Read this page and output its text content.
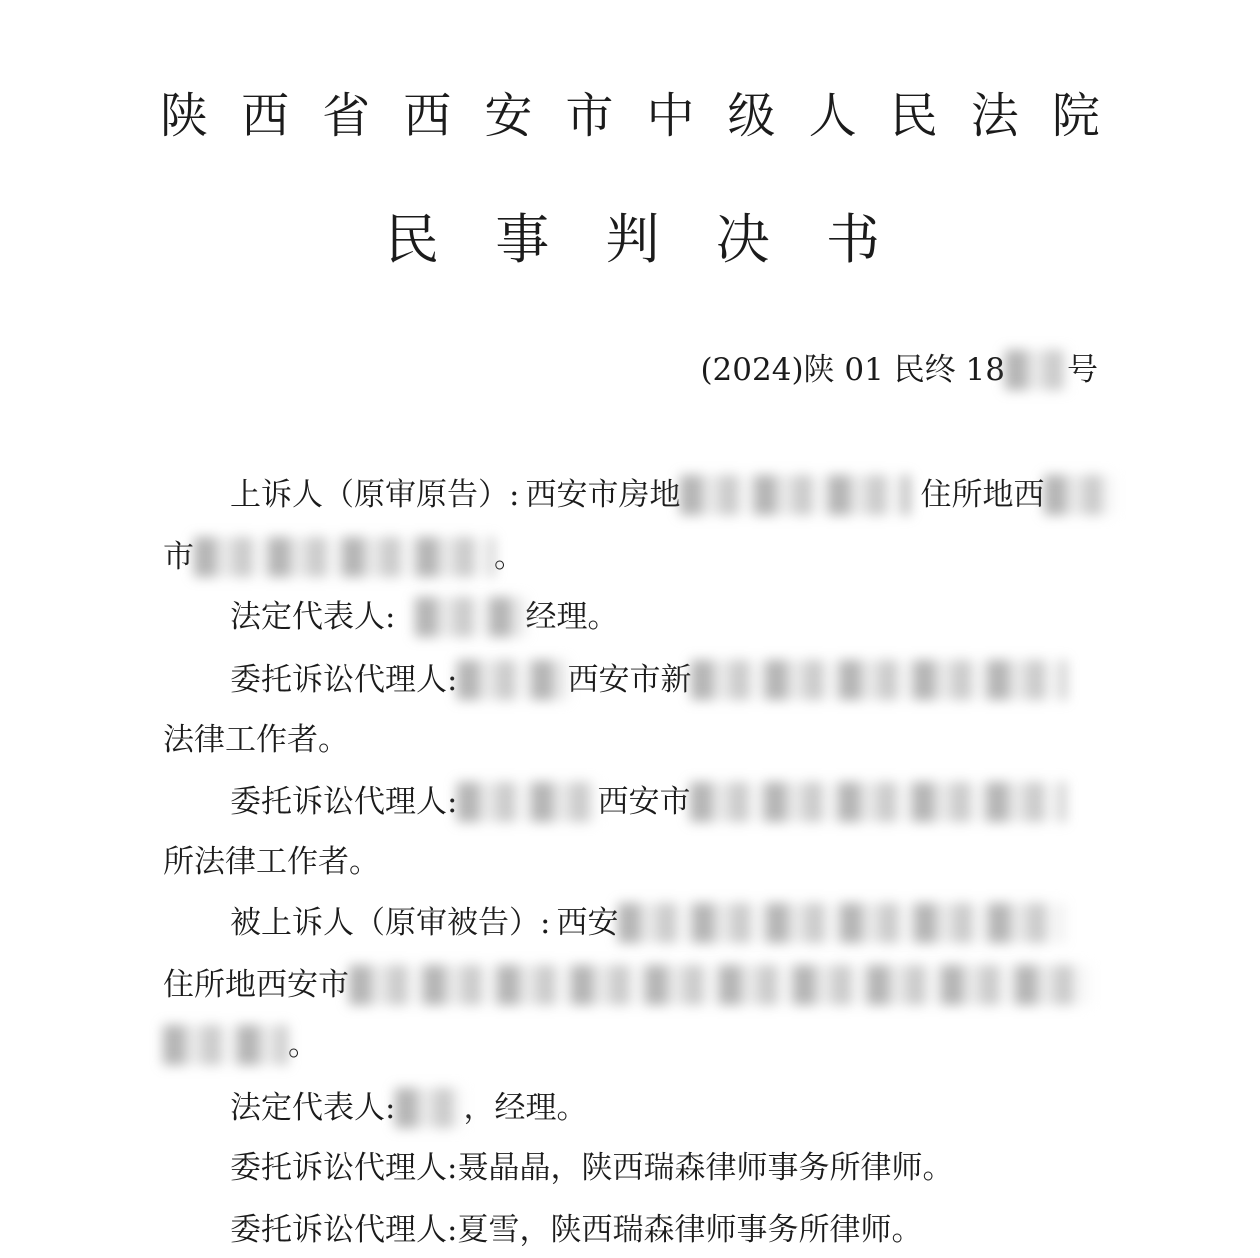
陕 西 省 西 安 市 中 级 人 民 法 院
民 事 判 决 书
(2024)陕 01 民终 18 号
上诉人（原审原告）: 西安市房地	住所地西
市	。
法定代表人:	经理。
委托诉讼代理人:	西安市新
法律工作者。
委托诉讼代理人:	西安市
所法律工作者。
被上诉人（原审被告）: 西安
住所地西安市
。
法定代表人: ，经理。
委托诉讼代理人:聂晶晶，陕西瑞森律师事务所律师。
委托诉讼代理人:夏雪，陕西瑞森律师事务所律师。
